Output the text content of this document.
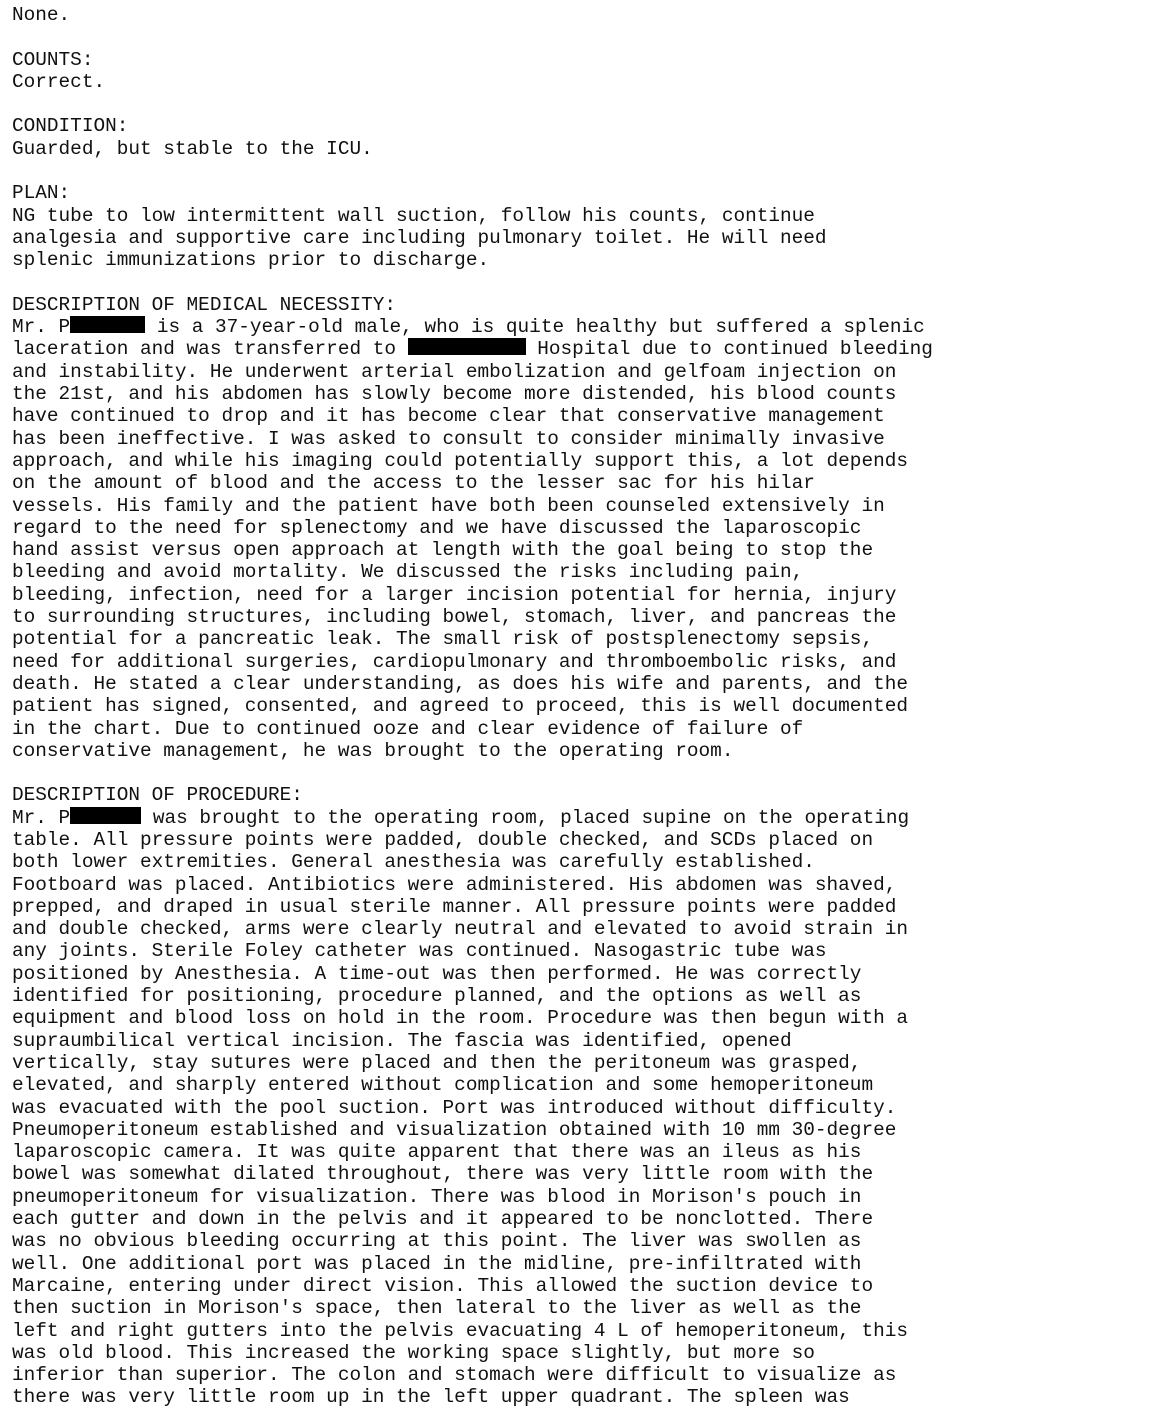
None.
COUNTS:
Correct.
CONDITION:
Guarded, but stable to the ICU.
PLAN:
NG tube to low intermittent wall suction, follow his counts, continue
analgesia and supportive care including pulmonary toilet. He will need
splenic immunizations prior to discharge.
DESCRIPTION OF MEDICAL NECESSITY:
Mr. P	is a 37-year-old male, who is quite healthy but suffered a splenic
laceration and was transferred to	Hospital due to continued bleeding
and instability. He underwent arterial embolization and gelfoam injection on
the 21st, and his abdomen has slowly become more distended, his blood counts
have continued to drop and it has become clear that conservative management
has been ineffective. I was asked to consult to consider minimally invasive
approach, and while his imaging could potentially support this, a lot depends
on the amount of blood and the access to the lesser sac for his hilar
vessels. His family and the patient have both been counseled extensively in
regard to the need for splenectomy and we have discussed the laparoscopic
hand assist versus open approach at length with the goal being to stop the
bleeding and avoid mortality. We discussed the risks including pain,
bleeding, infection, need for a larger incision potential for hernia, injury
to surrounding structures, including bowel, stomach, liver, and pancreas the
potential for a pancreatic leak. The small risk of postsplenectomy sepsis,
need for additional surgeries, cardiopulmonary and thromboembolic risks, and
death. He stated a clear understanding, as does his wife and parents, and the
patient has signed, consented, and agreed to proceed, this is well documented
in the chart. Due to continued ooze and clear evidence of failure of
conservative management, he was brought to the operating room.
DESCRIPTION OF PROCEDURE:
Mr. P	was brought to the operating room, placed supine on the operating
table. All pressure points were padded, double checked, and SCDs placed on
both lower extremities. General anesthesia was carefully established.
Footboard was placed. Antibiotics were administered. His abdomen was shaved,
prepped, and draped in usual sterile manner. All pressure points were padded
and double checked, arms were clearly neutral and elevated to avoid strain in
any joints. Sterile Foley catheter was continued. Nasogastric tube was
positioned by Anesthesia. A time-out was then performed. He was correctly
identified for positioning, procedure planned, and the options as well as
equipment and blood loss on hold in the room. Procedure was then begun with a
supraumbilical vertical incision. The fascia was identified, opened
vertically, stay sutures were placed and then the peritoneum was grasped,
elevated, and sharply entered without complication and some hemoperitoneum
was evacuated with the pool suction. Port was introduced without difficulty.
Pneumoperitoneum established and visualization obtained with 10 mm 30-degree
laparoscopic camera. It was quite apparent that there was an ileus as his
bowel was somewhat dilated throughout, there was very little room with the
pneumoperitoneum for visualization. There was blood in Morison's pouch in
each gutter and down in the pelvis and it appeared to be nonclotted. There
was no obvious bleeding occurring at this point. The liver was swollen as
well. One additional port was placed in the midline, pre-infiltrated with
Marcaine, entering under direct vision. This allowed the suction device to
then suction in Morison's space, then lateral to the liver as well as the
left and right gutters into the pelvis evacuating 4 L of hemoperitoneum, this
was old blood. This increased the working space slightly, but more so
inferior than superior. The colon and stomach were difficult to visualize as
there was very little room up in the left upper quadrant. The spleen was
